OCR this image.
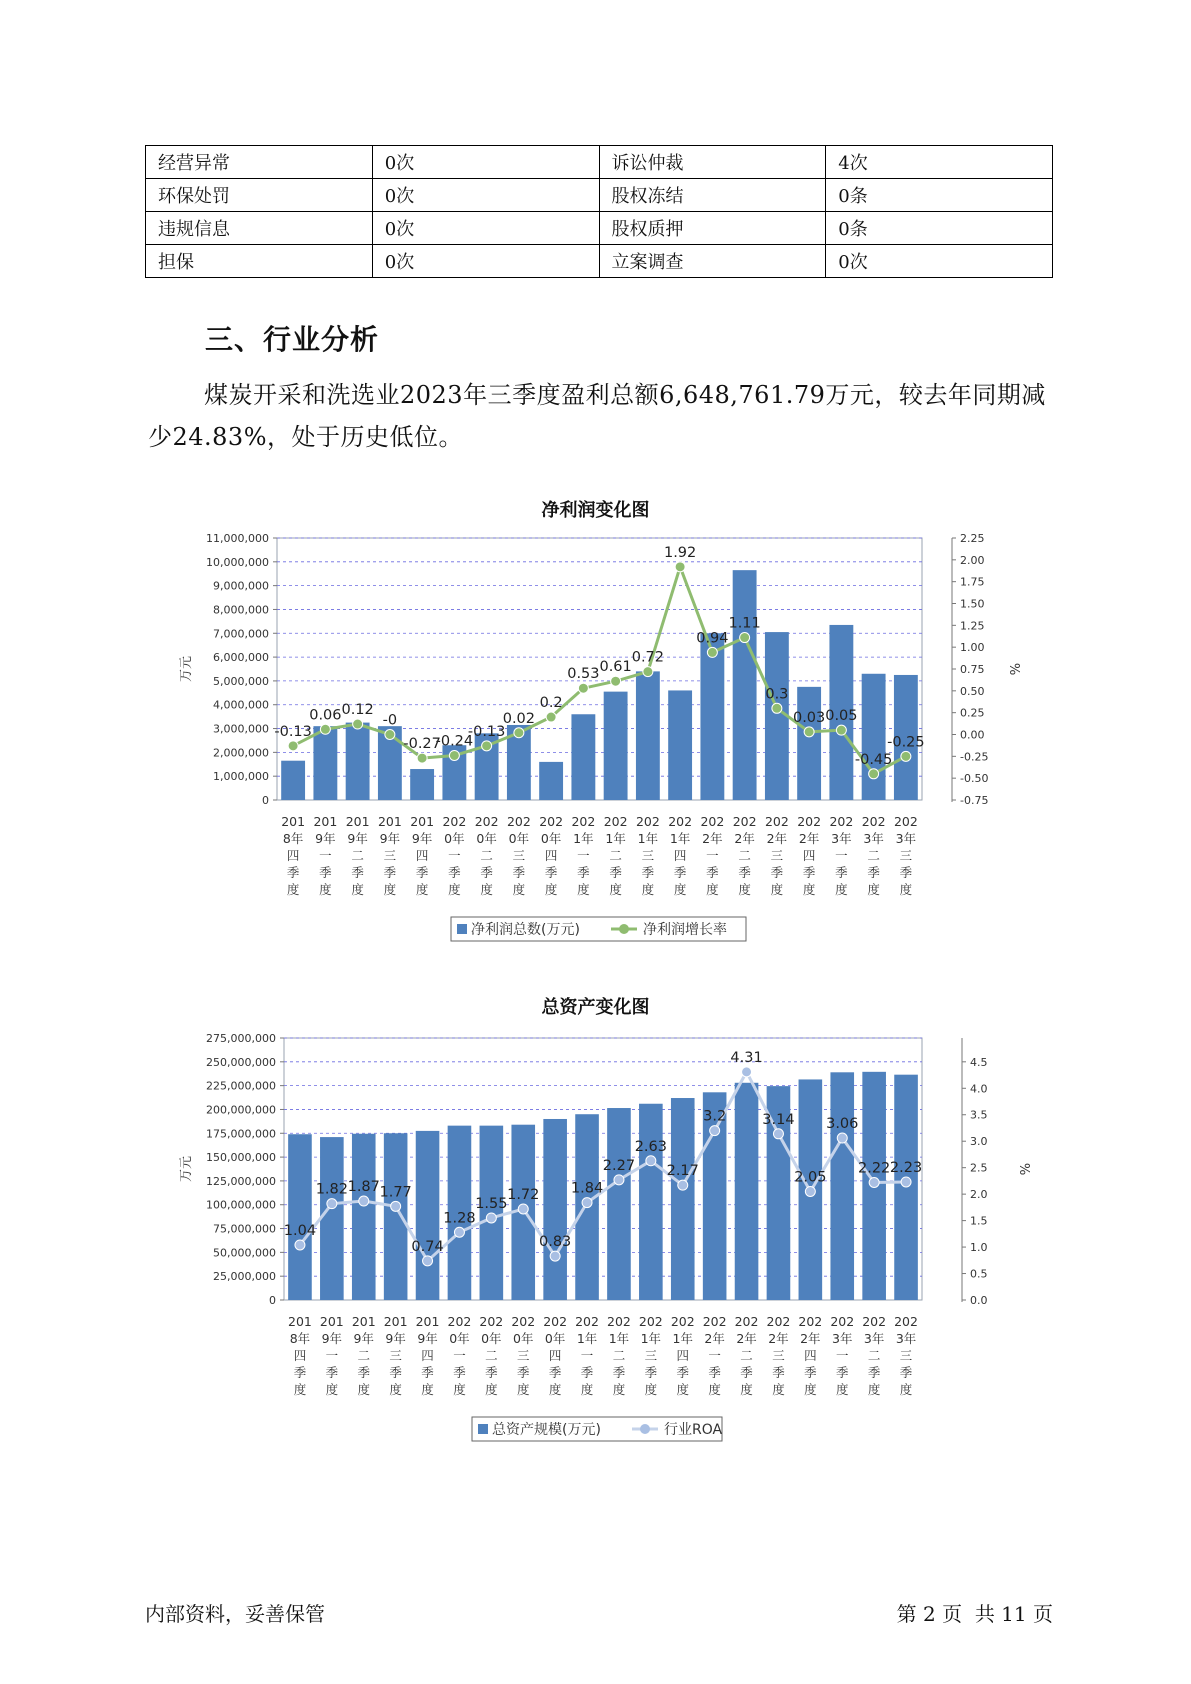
经营异常	0次	诉讼仲裁	4次
环保处罚	0次	股权冻结	0条
违规信息	0次	股权质押	0条
担保	0次	立案调查	0次
三、行业分析
煤炭开采和洗选业2023年三季度盈利总额6,648,761.79万元，较去年同期减少24.83%，处于历史低位。
净利润变化图
0
1,000,000
2,000,000
3,000,000
4,000,000
5,000,000
6,000,000
7,000,000
8,000,000
9,000,000
10,000,000
11,000,000
-0.75
-0.50
-0.25
0.00
0.25
0.50
0.75
1.00
1.25
1.50
1.75
2.00
2.25
万元	%
201 8年四季度
201 9年一季度
201 9年二季度
201 9年三季度
201 9年四季度
202 0年一季度
202 0年二季度
202 0年三季度
202 0年四季度
202 1年一季度
202 1年二季度
202 1年三季度
202 1年四季度
202 2年一季度
202 2年二季度
202 2年三季度
202 2年四季度
202 3年一季度
202 3年二季度
202 3年三季度
-0.13
0.06 0.12
-0
-0.27
-0.24
-0.13
0.02
0.2
0.53 0.61
0.72
1.92
0.94
1.11
0.3
0.03 0.05
-0.45
-0.25
净利润总数(万元)	净利润增长率
总资产变化图
0
25,000,000
50,000,000
75,000,000
100,000,000
125,000,000
150,000,000
175,000,000
200,000,000
225,000,000
250,000,000
275,000,000
0.0
0.5
1.0
1.5
2.0
2.5
3.0
3.5
4.0
4.5
万元	%
201 8年四季度
201 9年一季度
201 9年二季度
201 9年三季度
201 9年四季度
202 0年一季度
202 0年二季度
202 0年三季度
202 0年四季度
202 1年一季度
202 1年二季度
202 1年三季度
202 1年四季度
202 2年一季度
202 2年二季度
202 2年三季度
202 2年四季度
202 3年一季度
202 3年二季度
202 3年三季度
1.04
1.82 1.87 1.77
0.74
1.28
1.55
1.72
0.83
1.84
2.27
2.63
2.17
3.2
4.31
3.14
2.05
3.06
2.22 2.23
总资产规模(万元)	行业ROA
内部资料，妥善保管	第 2 页  共 11 页
